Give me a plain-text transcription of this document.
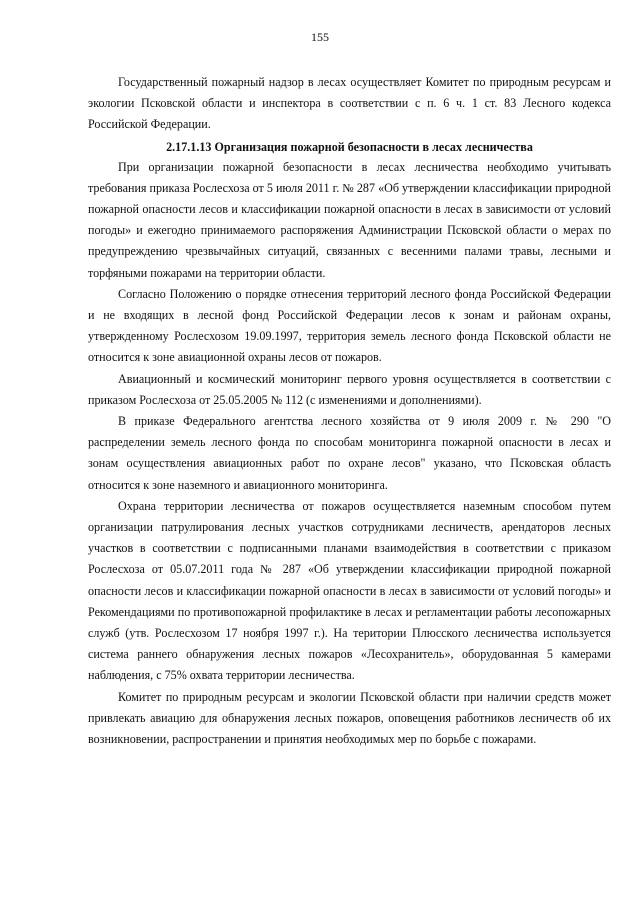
155

Государственный пожарный надзор в лесах осуществляет Комитет по природным ресурсам и экологии Псковской области и инспектора в соответствии с п. 6 ч. 1 ст. 83 Лесного кодекса Российской Федерации.

2.17.1.13 Организация пожарной безопасности в лесах лесничества

При организации пожарной безопасности в лесах лесничества необходимо учитывать требования приказа Рослесхоза от 5 июля 2011 г. № 287 «Об утверждении классификации природной пожарной опасности лесов и классификации пожарной опасности в лесах в зависимости от условий погоды» и ежегодно принимаемого распоряжения Администрации Псковской области о мерах по предупреждению чрезвычайных ситуаций, связанных с весенними палами травы, лесными и торфяными пожарами на территории области.

Согласно Положению о порядке отнесения территорий лесного фонда Российской Федерации и не входящих в лесной фонд Российской Федерации лесов к зонам и районам охраны, утвержденному Рослесхозом 19.09.1997, территория земель лесного фонда Псковской области не относится к зоне авиационной охраны лесов от пожаров.

Авиационный и космический мониторинг первого уровня осуществляется в соответствии с приказом Рослесхоза от 25.05.2005 № 112 (с изменениями и дополнениями).

В приказе Федерального агентства лесного хозяйства от 9 июля 2009 г. № 290 "О распределении земель лесного фонда по способам мониторинга пожарной опасности в лесах и зонам осуществления авиационных работ по охране лесов" указано, что Псковская область относится к зоне наземного и авиационного мониторинга.

Охрана территории лесничества от пожаров осуществляется наземным способом путем организации патрулирования лесных участков сотрудниками лесничеств, арендаторов лесных участков в соответствии с подписанными планами взаимодействия в соответствии с приказом Рослесхоза от 05.07.2011 года № 287 «Об утверждении классификации природной пожарной опасности лесов и классификации пожарной опасности в лесах в зависимости от условий погоды» и Рекомендациями по противопожарной профилактике в лесах и регламентации работы лесопожарных служб (утв. Рослесхозом 17 ноября 1997 г.). На територии Плюсского лесничества используется система раннего обнаружения лесных пожаров «Лесохранитель», оборудованная 5 камерами наблюдения, с 75% охвата территории лесничества.

Комитет по природным ресурсам и экологии Псковской области при наличии средств может привлекать авиацию для обнаружения лесных пожаров, оповещения работников лесничеств об их возникновении, распространении и принятия необходимых мер по борьбе с пожарами.
